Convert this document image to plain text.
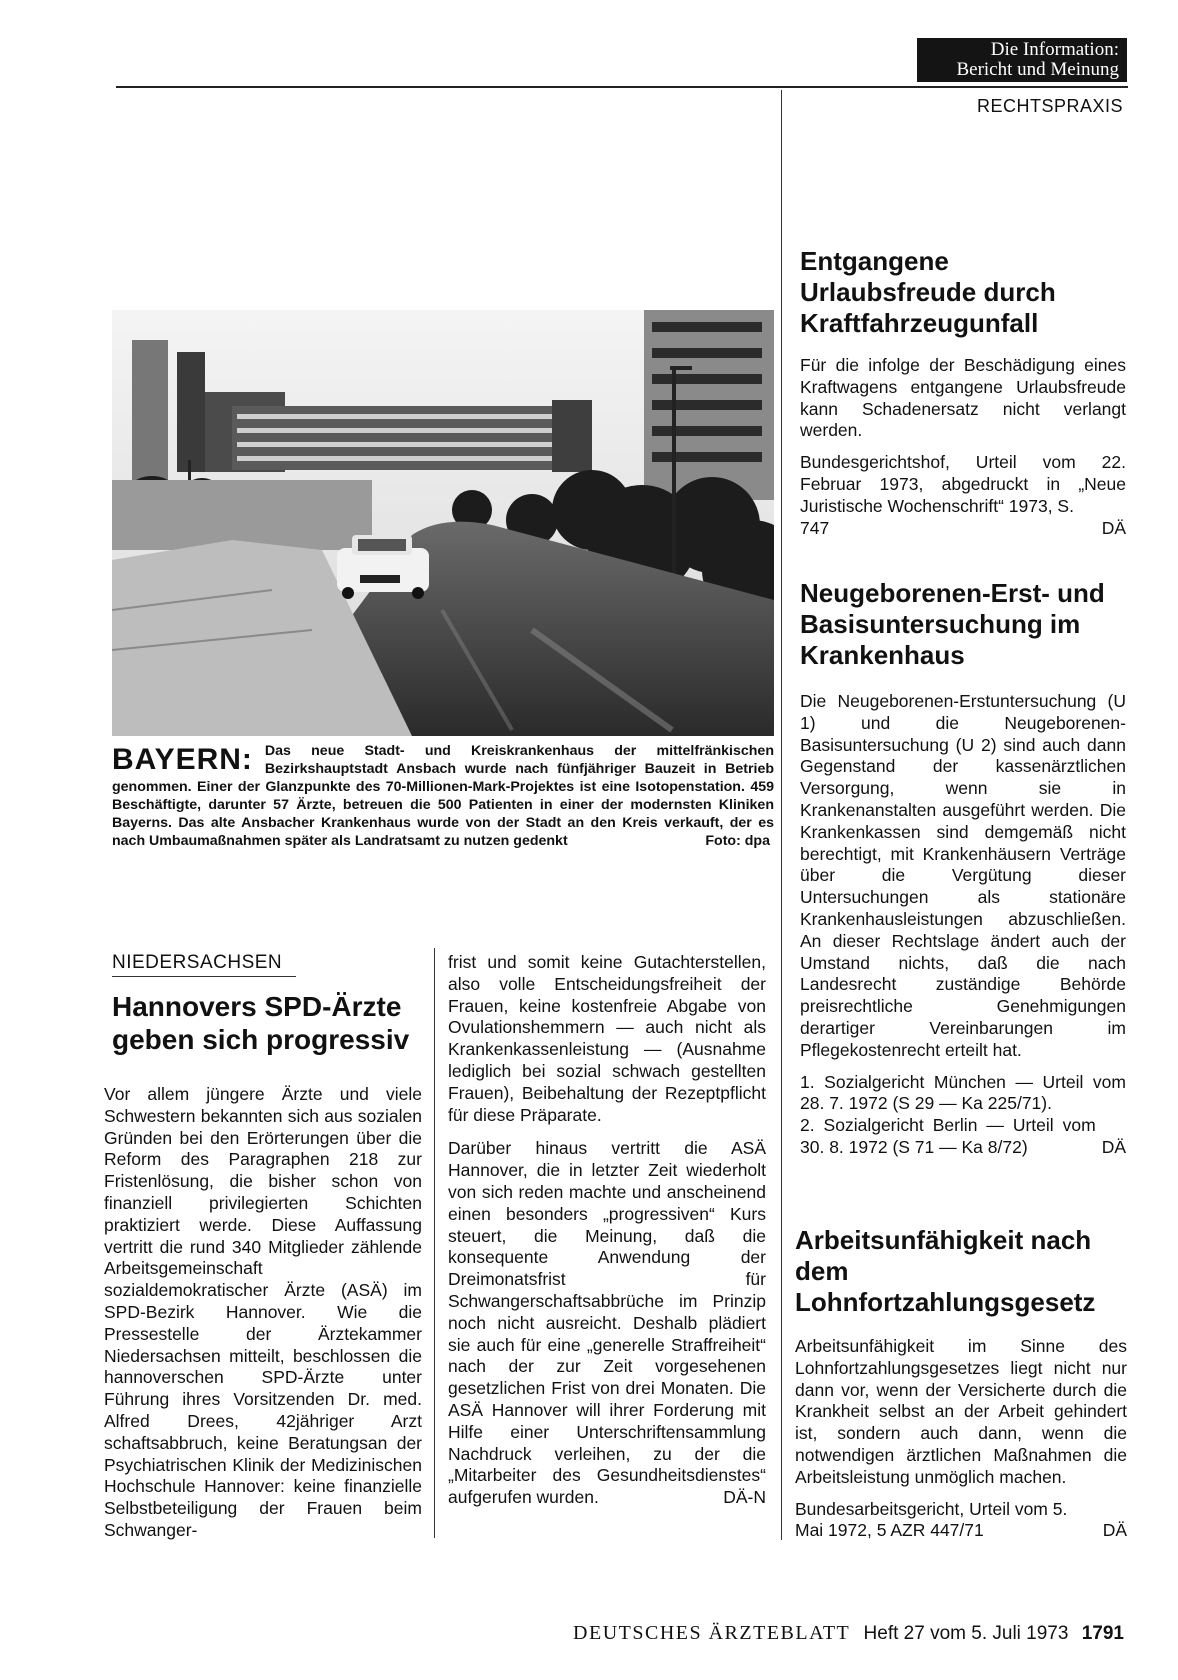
Die Information:
Bericht und Meinung
RECHTSPRAXIS
BAYERN: Das neue Stadt- und Kreiskrankenhaus der mittelfränkischen Bezirkshauptstadt Ansbach wurde nach fünfjähriger Bauzeit in Betrieb genommen. Einer der Glanzpunkte des 70-Millionen-Mark-Projektes ist eine Isotopenstation. 459 Beschäftigte, darunter 57 Ärzte, betreuen die 500 Patienten in einer der modernsten Kliniken Bayerns. Das alte Ansbacher Krankenhaus wurde von der Stadt an den Kreis verkauft, der es nach Umbaumaßnahmen später als Landratsamt zu nutzen gedenkt	Foto: dpa
NIEDERSACHSEN
Hannovers SPD-Ärzte geben sich progressiv

Vor allem jüngere Ärzte und viele Schwestern bekannten sich aus sozialen Gründen bei den Erörterungen über die Reform des Paragraphen 218 zur Fristenlösung, die bisher schon von finanziell privilegierten Schichten praktiziert werde. Diese Auffassung vertritt die rund 340 Mitglieder zählende Arbeitsgemeinschaft sozialdemokratischer Ärzte (ASÄ) im SPD-Bezirk Hannover. Wie die Pressestelle der Ärztekammer Niedersachsen mitteilt, beschlossen die hannoverschen SPD-Ärzte unter Führung ihres Vorsitzenden Dr. med. Alfred Drees, 42jähriger Arzt schaftsabbruch, keine Beratungsan der Psychiatrischen Klinik der Medizinischen Hochschule Hannover: keine finanzielle Selbstbeteiligung der Frauen beim Schwanger-

frist und somit keine Gutachterstellen, also volle Entscheidungsfreiheit der Frauen, keine kostenfreie Abgabe von Ovulationshemmern — auch nicht als Krankenkassenleistung — (Ausnahme lediglich bei sozial schwach gestellten Frauen), Beibehaltung der Rezeptpflicht für diese Präparate.

Darüber hinaus vertritt die ASÄ Hannover, die in letzter Zeit wiederholt von sich reden machte und anscheinend einen besonders „progressiven“ Kurs steuert, die Meinung, daß die konsequente Anwendung der Dreimonatsfrist für Schwangerschaftsabbrüche im Prinzip noch nicht ausreicht. Deshalb plädiert sie auch für eine „generelle Straffreiheit“ nach der zur Zeit vorgesehenen gesetzlichen Frist von drei Monaten. Die ASÄ Hannover will ihrer Forderung mit Hilfe einer Unterschriftensammlung Nachdruck verleihen, zu der die „Mitarbeiter des Gesundheitsdienstes“ aufgerufen wurden.	DÄ-N

Entgangene Urlaubsfreude durch Kraftfahrzeugunfall
Für die infolge der Beschädigung eines Kraftwagens entgangene Urlaubsfreude kann Schadenersatz nicht verlangt werden.
Bundesgerichtshof, Urteil vom 22. Februar 1973, abgedruckt in „Neue Juristische Wochenschrift“ 1973, S.
747	DÄ
Neugeborenen-Erst- und Basisuntersuchung im Krankenhaus
Die Neugeborenen-Erstuntersuchung (U 1) und die Neugeborenen-Basisuntersuchung (U 2) sind auch dann Gegenstand der kassenärztlichen Versorgung, wenn sie in Krankenanstalten ausgeführt werden. Die Krankenkassen sind demgemäß nicht berechtigt, mit Krankenhäusern Verträge über die Vergütung dieser Untersuchungen als stationäre Krankenhausleistungen abzuschließen. An dieser Rechtslage ändert auch der Umstand nichts, daß die nach Landesrecht zuständige Behörde preisrechtliche Genehmigungen derartiger Vereinbarungen im Pflegekostenrecht erteilt hat.
1. Sozialgericht München — Urteil vom 28. 7. 1972 (S 29 — Ka 225/71).
2. Sozialgericht Berlin — Urteil vom 30. 8. 1972 (S 71 — Ka 8/72)	DÄ
Arbeitsunfähigkeit nach dem Lohnfortzahlungsgesetz
Arbeitsunfähigkeit im Sinne des Lohnfortzahlungsgesetzes liegt nicht nur dann vor, wenn der Versicherte durch die Krankheit selbst an der Arbeit gehindert ist, sondern auch dann, wenn die notwendigen ärztlichen Maßnahmen die Arbeitsleistung unmöglich machen.
Bundesarbeitsgericht, Urteil vom 5.
Mai 1972, 5 AZR 447/71	DÄ
DEUTSCHES ÄRZTEBLATT Heft 27 vom 5. Juli 1973 1791
